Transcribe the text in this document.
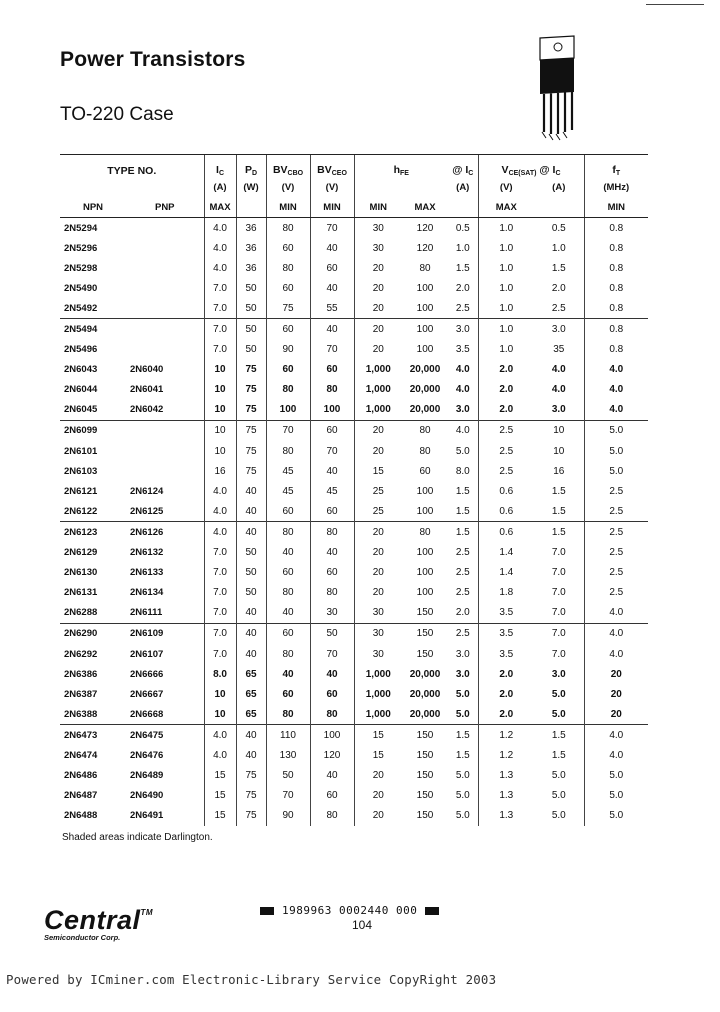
Power Transistors
TO-220 Case
TYPE NO.		$I_C$	$P_D$	$BV_{CBO}$	$BV_{CEO}$	$h_{FE}$		@ $I_C$	$V_{CE(SAT)}$ @ $I_C$		$f_T$
		(A)	(W)	(V)	(V)			(A)	(V)	(A)	(MHz)
NPN	PNP	MAX		MIN	MIN	MIN	MAX		MAX		MIN
2N5294		4.0	36	80	70	30	120	0.5	1.0	0.5	0.8
2N5296		4.0	36	60	40	30	120	1.0	1.0	1.0	0.8
2N5298		4.0	36	80	60	20	80	1.5	1.0	1.5	0.8
2N5490		7.0	50	60	40	20	100	2.0	1.0	2.0	0.8
2N5492		7.0	50	75	55	20	100	2.5	1.0	2.5	0.8
2N5494		7.0	50	60	40	20	100	3.0	1.0	3.0	0.8
2N5496		7.0	50	90	70	20	100	3.5	1.0	35	0.8
2N6043	2N6040	10	75	60	60	1,000	20,000	4.0	2.0	4.0	4.0
2N6044	2N6041	10	75	80	80	1,000	20,000	4.0	2.0	4.0	4.0
2N6045	2N6042	10	75	100	100	1,000	20,000	3.0	2.0	3.0	4.0
2N6099		10	75	70	60	20	80	4.0	2.5	10	5.0
2N6101		10	75	80	70	20	80	5.0	2.5	10	5.0
2N6103		16	75	45	40	15	60	8.0	2.5	16	5.0
2N6121	2N6124	4.0	40	45	45	25	100	1.5	0.6	1.5	2.5
2N6122	2N6125	4.0	40	60	60	25	100	1.5	0.6	1.5	2.5
2N6123	2N6126	4.0	40	80	80	20	80	1.5	0.6	1.5	2.5
2N6129	2N6132	7.0	50	40	40	20	100	2.5	1.4	7.0	2.5
2N6130	2N6133	7.0	50	60	60	20	100	2.5	1.4	7.0	2.5
2N6131	2N6134	7.0	50	80	80	20	100	2.5	1.8	7.0	2.5
2N6288	2N6111	7.0	40	40	30	30	150	2.0	3.5	7.0	4.0
2N6290	2N6109	7.0	40	60	50	30	150	2.5	3.5	7.0	4.0
2N6292	2N6107	7.0	40	80	70	30	150	3.0	3.5	7.0	4.0
2N6386	2N6666	8.0	65	40	40	1,000	20,000	3.0	2.0	3.0	20
2N6387	2N6667	10	65	60	60	1,000	20,000	5.0	2.0	5.0	20
2N6388	2N6668	10	65	80	80	1,000	20,000	5.0	2.0	5.0	20
2N6473	2N6475	4.0	40	110	100	15	150	1.5	1.2	1.5	4.0
2N6474	2N6476	4.0	40	130	120	15	150	1.5	1.2	1.5	4.0
2N6486	2N6489	15	75	50	40	20	150	5.0	1.3	5.0	5.0
2N6487	2N6490	15	75	70	60	20	150	5.0	1.3	5.0	5.0
2N6488	2N6491	15	75	90	80	20	150	5.0	1.3	5.0	5.0
Shaded areas indicate Darlington.
Central™
Semiconductor Corp.
1989963 0002440 000
104
Powered by ICminer.com Electronic-Library Service CopyRight 2003
